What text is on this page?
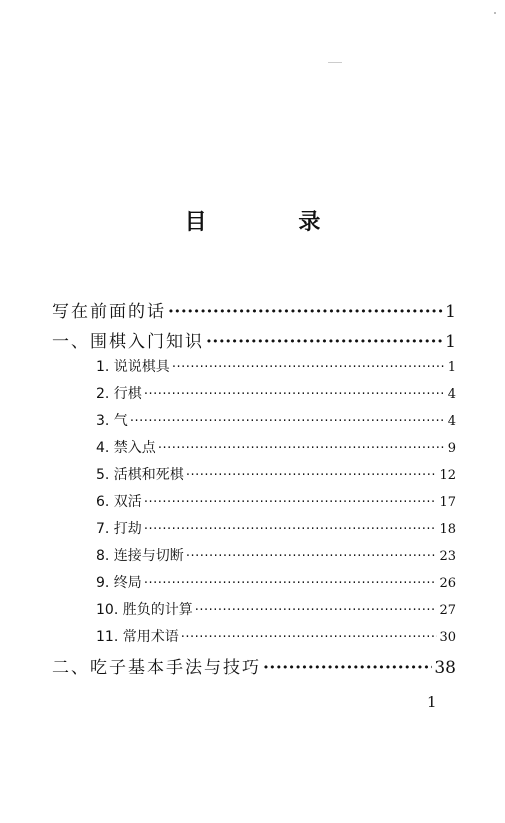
目 录
写在前面的话 ·····	1
一、围棋入门知识 ·····	1
1. 说说棋具 ·····	1
2. 行棋 ·····	4
3. 气 ·····	4
4. 禁入点 ·····	9
5. 活棋和死棋 ·····	12
6. 双活 ·····	17
7. 打劫 ·····	18
8. 连接与切断 ·····	23
9. 终局 ·····	26
10. 胜负的计算 ·····	27
11. 常用术语 ·····	30
二、吃子基本手法与技巧 ·····	38
1
